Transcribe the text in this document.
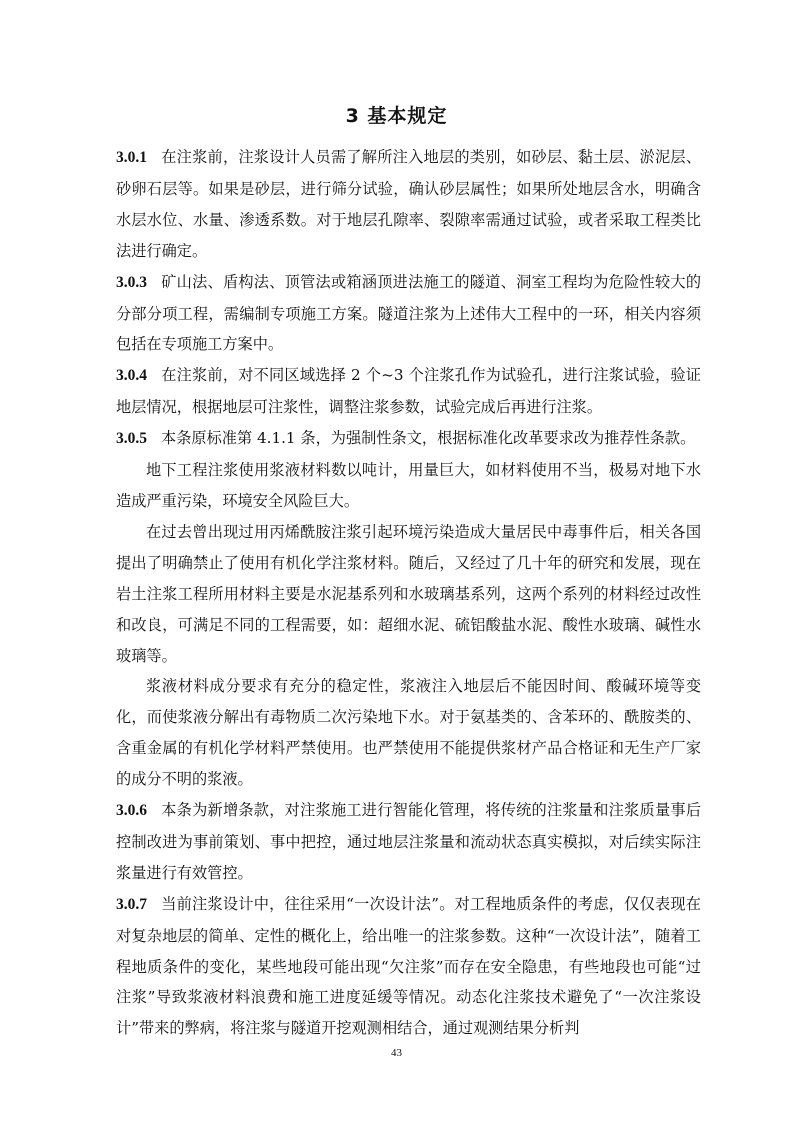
3 基本规定

3.0.1 在注浆前，注浆设计人员需了解所注入地层的类别，如砂层、黏土层、淤泥层、砂卵石层等。如果是砂层，进行筛分试验，确认砂层属性；如果所处地层含水，明确含水层水位、水量、渗透系数。对于地层孔隙率、裂隙率需通过试验，或者采取工程类比法进行确定。

3.0.3 矿山法、盾构法、顶管法或箱涵顶进法施工的隧道、洞室工程均为危险性较大的分部分项工程，需编制专项施工方案。隧道注浆为上述伟大工程中的一环，相关内容须包括在专项施工方案中。

3.0.4 在注浆前，对不同区域选择 2 个~3 个注浆孔作为试验孔，进行注浆试验，验证地层情况，根据地层可注浆性，调整注浆参数，试验完成后再进行注浆。

3.0.5 本条原标准第 4.1.1 条，为强制性条文，根据标准化改革要求改为推荐性条款。

地下工程注浆使用浆液材料数以吨计，用量巨大，如材料使用不当，极易对地下水造成严重污染，环境安全风险巨大。

在过去曾出现过用丙烯酰胺注浆引起环境污染造成大量居民中毒事件后，相关各国提出了明确禁止了使用有机化学注浆材料。随后，又经过了几十年的研究和发展，现在岩土注浆工程所用材料主要是水泥基系列和水玻璃基系列，这两个系列的材料经过改性和改良，可满足不同的工程需要，如：超细水泥、硫铝酸盐水泥、酸性水玻璃、碱性水玻璃等。

浆液材料成分要求有充分的稳定性，浆液注入地层后不能因时间、酸碱环境等变化，而使浆液分解出有毒物质二次污染地下水。对于氨基类的、含苯环的、酰胺类的、含重金属的有机化学材料严禁使用。也严禁使用不能提供浆材产品合格证和无生产厂家的成分不明的浆液。

3.0.6 本条为新增条款，对注浆施工进行智能化管理，将传统的注浆量和注浆质量事后控制改进为事前策划、事中把控，通过地层注浆量和流动状态真实模拟，对后续实际注浆量进行有效管控。

3.0.7 当前注浆设计中，往往采用“一次设计法”。对工程地质条件的考虑，仅仅表现在对复杂地层的简单、定性的概化上，给出唯一的注浆参数。这种“一次设计法”，随着工程地质条件的变化，某些地段可能出现“欠注浆”而存在安全隐患，有些地段也可能“过注浆”导致浆液材料浪费和施工进度延缓等情况。动态化注浆技术避免了“一次注浆设计”带来的弊病，将注浆与隧道开挖观测相结合，通过观测结果分析判

43
